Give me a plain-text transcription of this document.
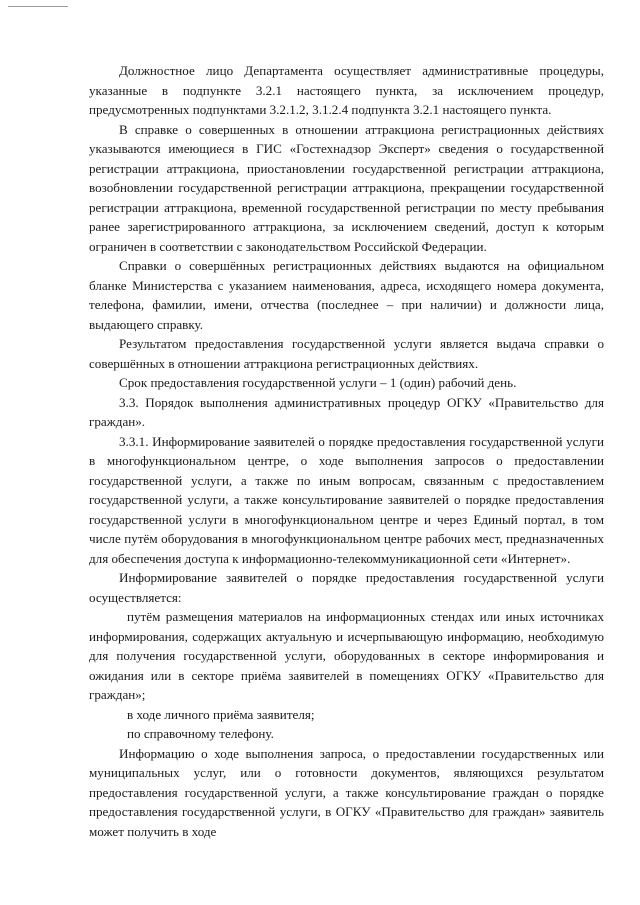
Должностное лицо Департамента осуществляет административные процедуры, указанные в подпункте 3.2.1 настоящего пункта, за исключением процедур, предусмотренных подпунктами 3.2.1.2, 3.1.2.4 подпункта 3.2.1 настоящего пункта.

В справке о совершенных в отношении аттракциона регистрационных действиях указываются имеющиеся в ГИС «Гостехнадзор Эксперт» сведения о государственной регистрации аттракциона, приостановлении государственной регистрации аттракциона, возобновлении государственной регистрации аттракциона, прекращении государственной регистрации аттракциона, временной государственной регистрации по месту пребывания ранее зарегистрированного аттракциона, за исключением сведений, доступ к которым ограничен в соответствии с законодательством Российской Федерации.

Справки о совершённых регистрационных действиях выдаются на официальном бланке Министерства с указанием наименования, адреса, исходящего номера документа, телефона, фамилии, имени, отчества (последнее – при наличии) и должности лица, выдающего справку.

Результатом предоставления государственной услуги является выдача справки о совершённых в отношении аттракциона регистрационных действиях.

Срок предоставления государственной услуги – 1 (один) рабочий день.

3.3. Порядок выполнения административных процедур ОГКУ «Правительство для граждан».

3.3.1. Информирование заявителей о порядке предоставления государственной услуги в многофункциональном центре, о ходе выполнения запросов о предоставлении государственной услуги, а также по иным вопросам, связанным с предоставлением государственной услуги, а также консультирование заявителей о порядке предоставления государственной услуги в многофункциональном центре и через Единый портал, в том числе путём оборудования в многофункциональном центре рабочих мест, предназначенных для обеспечения доступа к информационно-телекоммуникационной сети «Интернет».

Информирование заявителей о порядке предоставления государственной услуги осуществляется:

путём размещения материалов на информационных стендах или иных источниках информирования, содержащих актуальную и исчерпывающую информацию, необходимую для получения государственной услуги, оборудованных в секторе информирования и ожидания или в секторе приёма заявителей в помещениях ОГКУ «Правительство для граждан»;

в ходе личного приёма заявителя;

по справочному телефону.

Информацию о ходе выполнения запроса, о предоставлении государственных или муниципальных услуг, или о готовности документов, являющихся результатом предоставления государственной услуги, а также консультирование граждан о порядке предоставления государственной услуги, в ОГКУ «Правительство для граждан» заявитель может получить в ходе
